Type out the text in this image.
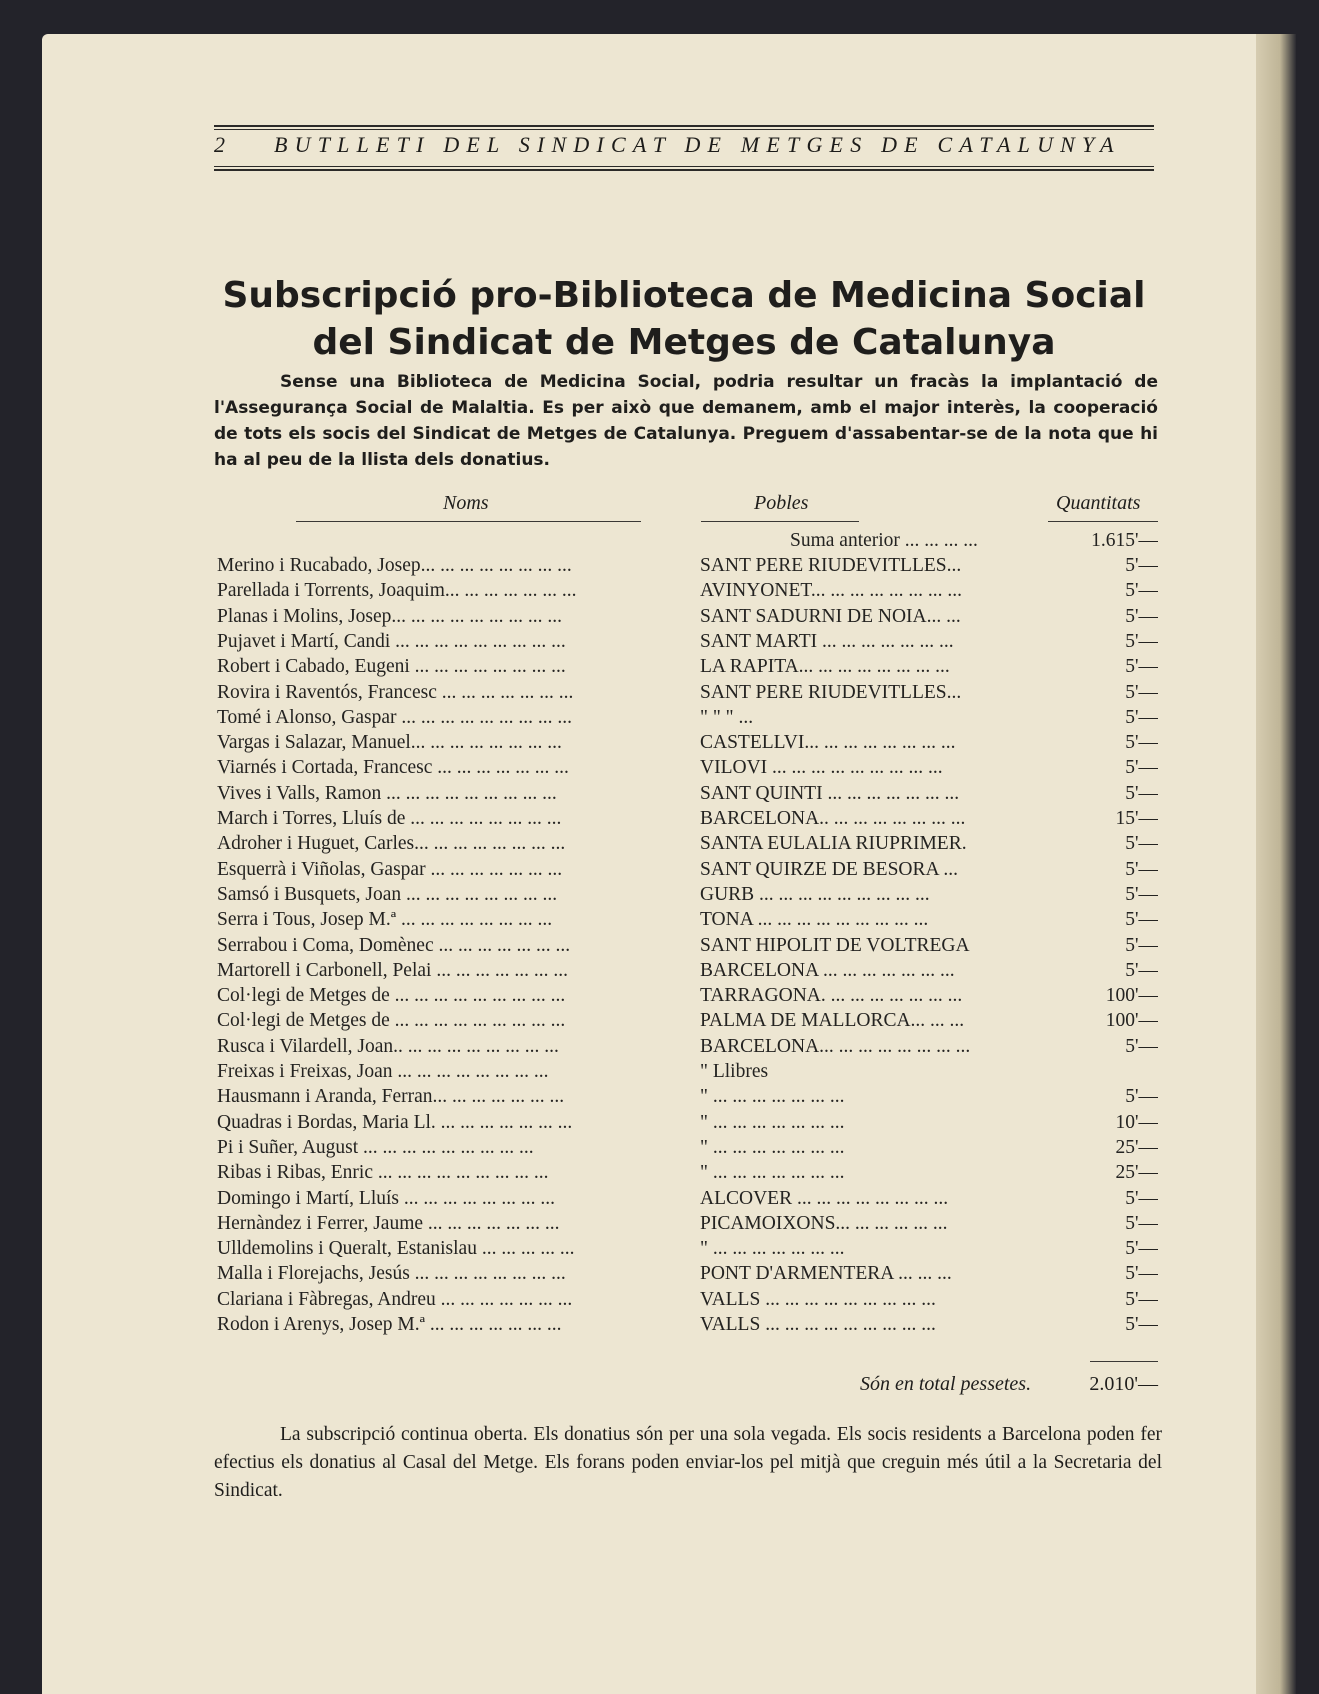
2	BUTLLETI DEL SINDICAT DE METGES DE CATALUNYA
Subscripció pro-Biblioteca de Medicina Social
del Sindicat de Metges de Catalunya
Sense una Biblioteca de Medicina Social, podria resultar un fracàs la implantació de l'Assegurança Social de Malaltia. Es per això que demanem, amb el major interès, la cooperació de tots els socis del Sindicat de Metges de Catalunya. Preguem d'assabentar-se de la nota que hi ha al peu de la llista dels donatius.
Noms	Pobles	Quantitats
Suma anterior ... ... ... ...	1.615'—
Merino i Rucabado, Josep... ... ... ... ... ... ... ...	SANT PERE RIUDEVITLLES...	5'—
Parellada i Torrents, Joaquim... ... ... ... ... ... ...	AVINYONET... ... ... ... ... ... ... ...	5'—
Planas i Molins, Josep... ... ... ... ... ... ... ... ...	SANT SADURNI DE NOIA... ...	5'—
Pujavet i Martí, Candi ... ... ... ... ... ... ... ... ...	SANT MARTI ... ... ... ... ... ... ...	5'—
Robert i Cabado, Eugeni ... ... ... ... ... ... ... ...	LA RAPITA... ... ... ... ... ... ... ...	5'—
Rovira i Raventós, Francesc ... ... ... ... ... ... ...	SANT PERE RIUDEVITLLES...	5'—
Tomé i Alonso, Gaspar ... ... ... ... ... ... ... ... ...	" " " ...	5'—
Vargas i Salazar, Manuel... ... ... ... ... ... ... ...	CASTELLVI... ... ... ... ... ... ... ...	5'—
Viarnés i Cortada, Francesc ... ... ... ... ... ... ...	VILOVI ... ... ... ... ... ... ... ... ...	5'—
Vives i Valls, Ramon ... ... ... ... ... ... ... ... ...	SANT QUINTI ... ... ... ... ... ... ...	5'—
March i Torres, Lluís de ... ... ... ... ... ... ... ...	BARCELONA.. ... ... ... ... ... ... ...	15'—
Adroher i Huguet, Carles... ... ... ... ... ... ... ...	SANTA EULALIA RIUPRIMER.	5'—
Esquerrà i Viñolas, Gaspar ... ... ... ... ... ... ...	SANT QUIRZE DE BESORA ...	5'—
Samsó i Busquets, Joan ... ... ... ... ... ... ... ...	GURB ... ... ... ... ... ... ... ... ...	5'—
Serra i Tous, Josep M.ª ... ... ... ... ... ... ... ...	TONA ... ... ... ... ... ... ... ... ...	5'—
Serrabou i Coma, Domènec ... ... ... ... ... ... ...	SANT HIPOLIT DE VOLTREGA	5'—
Martorell i Carbonell, Pelai ... ... ... ... ... ... ...	BARCELONA ... ... ... ... ... ... ...	5'—
Col·legi de Metges de ... ... ... ... ... ... ... ... ...	TARRAGONA. ... ... ... ... ... ... ...	100'—
Col·legi de Metges de ... ... ... ... ... ... ... ... ...	PALMA DE MALLORCA... ... ...	100'—
Rusca i Vilardell, Joan.. ... ... ... ... ... ... ... ...	BARCELONA... ... ... ... ... ... ... ...	5'—
Freixas i Freixas, Joan ... ... ... ... ... ... ... ...	" Llibres
Hausmann i Aranda, Ferran... ... ... ... ... ... ...	" ... ... ... ... ... ... ...	5'—
Quadras i Bordas, Maria Ll. ... ... ... ... ... ... ...	" ... ... ... ... ... ... ...	10'—
Pi i Suñer, August ... ... ... ... ... ... ... ... ...	" ... ... ... ... ... ... ...	25'—
Ribas i Ribas, Enric ... ... ... ... ... ... ... ... ...	" ... ... ... ... ... ... ...	25'—
Domingo i Martí, Lluís ... ... ... ... ... ... ... ...	ALCOVER ... ... ... ... ... ... ... ...	5'—
Hernàndez i Ferrer, Jaume ... ... ... ... ... ... ...	PICAMOIXONS... ... ... ... ... ...	5'—
Ulldemolins i Queralt, Estanislau ... ... ... ... ...	" ... ... ... ... ... ... ...	5'—
Malla i Florejachs, Jesús ... ... ... ... ... ... ... ...	PONT D'ARMENTERA ... ... ...	5'—
Clariana i Fàbregas, Andreu ... ... ... ... ... ... ...	VALLS ... ... ... ... ... ... ... ... ...	5'—
Rodon i Arenys, Josep M.ª ... ... ... ... ... ... ...	VALLS ... ... ... ... ... ... ... ... ...	5'—
Són en total pessetes.	2.010'—
La subscripció continua oberta. Els donatius són per una sola vegada. Els socis residents a Barcelona poden fer efectius els donatius al Casal del Metge. Els forans poden enviar-los pel mitjà que creguin més útil a la Secretaria del Sindicat.
